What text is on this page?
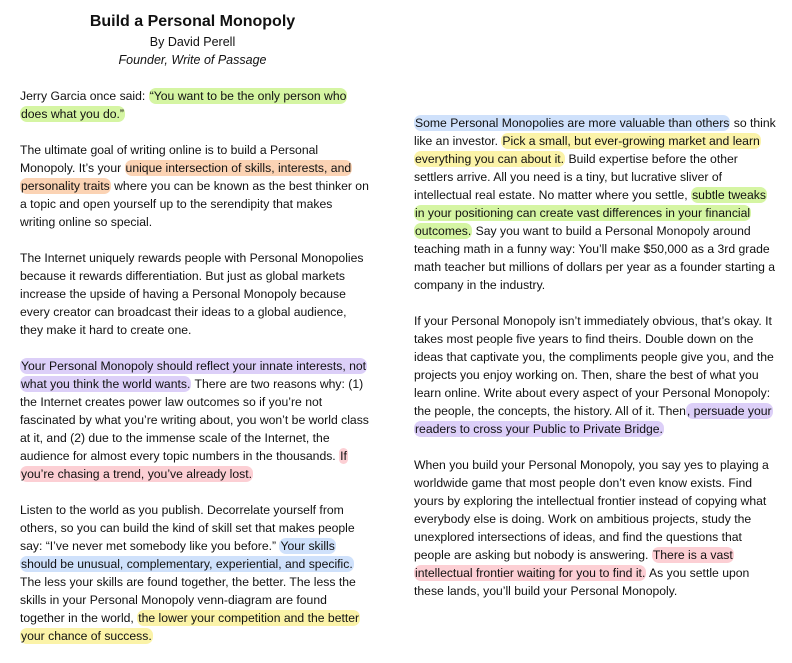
Build a Personal Monopoly
By David Perell
Founder, Write of Passage

Jerry Garcia once said: “You want to be the only person who does what you do.”

The ultimate goal of writing online is to build a Personal Monopoly. It’s your unique intersection of skills, interests, and personality traits where you can be known as the best thinker on a topic and open yourself up to the serendipity that makes writing online so special.

The Internet uniquely rewards people with Personal Monopolies because it rewards differentiation. But just as global markets increase the upside of having a Personal Monopoly because every creator can broadcast their ideas to a global audience, they make it hard to create one.

Your Personal Monopoly should reflect your innate interests, not what you think the world wants. There are two reasons why: (1) the Internet creates power law outcomes so if you’re not fascinated by what you’re writing about, you won’t be world class at it, and (2) due to the immense scale of the Internet, the audience for almost every topic numbers in the thousands. If you’re chasing a trend, you’ve already lost.

Listen to the world as you publish. Decorrelate yourself from others, so you can build the kind of skill set that makes people say: “I’ve never met somebody like you before.” Your skills should be unusual, complementary, experiential, and specific. The less your skills are found together, the better. The less the skills in your Personal Monopoly venn-diagram are found together in the world, the lower your competition and the better your chance of success.

Some Personal Monopolies are more valuable than others so think like an investor. Pick a small, but ever-growing market and learn everything you can about it. Build expertise before the other settlers arrive. All you need is a tiny, but lucrative sliver of intellectual real estate. No matter where you settle, subtle tweaks in your positioning can create vast differences in your financial outcomes. Say you want to build a Personal Monopoly around teaching math in a funny way: You’ll make $50,000 as a 3rd grade math teacher but millions of dollars per year as a founder starting a company in the industry.

If your Personal Monopoly isn’t immediately obvious, that’s okay. It takes most people five years to find theirs. Double down on the ideas that captivate you, the compliments people give you, and the projects you enjoy working on. Then, share the best of what you learn online. Write about every aspect of your Personal Monopoly: the people, the concepts, the history. All of it. Then, persuade your readers to cross your Public to Private Bridge.

When you build your Personal Monopoly, you say yes to playing a worldwide game that most people don’t even know exists. Find yours by exploring the intellectual frontier instead of copying what everybody else is doing. Work on ambitious projects, study the unexplored intersections of ideas, and find the questions that people are asking but nobody is answering. There is a vast intellectual frontier waiting for you to find it. As you settle upon these lands, you’ll build your Personal Monopoly.
